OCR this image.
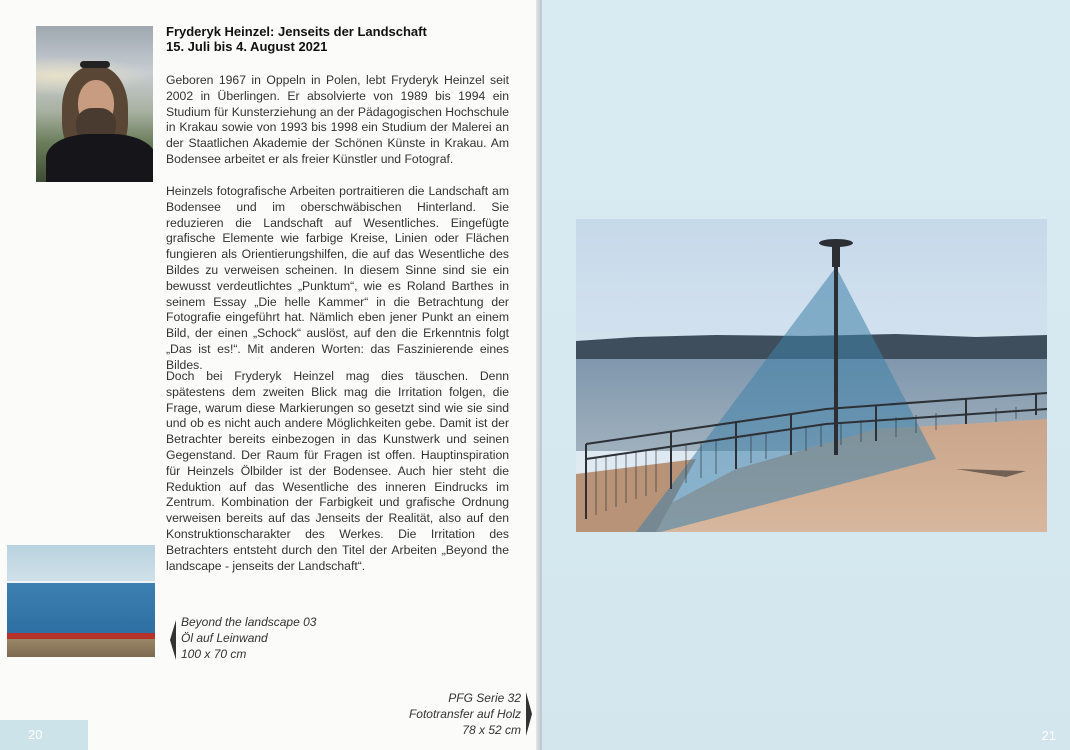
Fryderyk Heinzel: Jenseits der Landschaft
15. Juli bis 4. August 2021

Geboren 1967 in Oppeln in Polen, lebt Fryderyk Heinzel seit 2002 in Überlingen. Er absolvierte von 1989 bis 1994 ein Studium für Kunsterziehung an der Pädagogischen Hochschule in Krakau sowie von 1993 bis 1998 ein Studium der Malerei an der Staatlichen Akademie der Schönen Künste in Krakau. Am Bodensee arbeitet er als freier Künstler und Fotograf.

Heinzels fotografische Arbeiten portraitieren die Landschaft am Bodensee und im oberschwäbischen Hinterland. Sie reduzieren die Landschaft auf Wesentliches. Eingefügte grafische Elemente wie farbige Kreise, Linien oder Flächen fungieren als Orientierungshilfen, die auf das Wesentliche des Bildes zu verweisen scheinen. In diesem Sinne sind sie ein bewusst verdeutlichtes „Punktum“, wie es Roland Barthes in seinem Essay „Die helle Kammer“ in die Betrachtung der Fotografie eingeführt hat. Nämlich eben jener Punkt an einem Bild, der einen „Schock“ auslöst, auf den die Erkenntnis folgt „Das ist es!“. Mit anderen Worten: das Faszinierende eines Bildes.

Doch bei Fryderyk Heinzel mag dies täuschen. Denn spätestens dem zweiten Blick mag die Irritation folgen, die Frage, warum diese Markierungen so gesetzt sind wie sie sind und ob es nicht auch andere Möglichkeiten gebe. Damit ist der Betrachter bereits einbezogen in das Kunstwerk und seinen Gegenstand. Der Raum für Fragen ist offen. Hauptinspiration für Heinzels Ölbilder ist der Bodensee. Auch hier steht die Reduktion auf das Wesentliche des inneren Eindrucks im Zentrum. Kombination der Farbigkeit und grafische Ordnung verweisen bereits auf das Jenseits der Realität, also auf den Konstruktionscharakter des Werkes. Die Irritation des Betrachters entsteht durch den Titel der Arbeiten „Beyond the landscape - jenseits der Landschaft“.

Beyond the landscape 03
Öl auf Leinwand
100 x 70 cm
PFG Serie 32
Fototransfer auf Holz
78 x 52 cm
20	21
